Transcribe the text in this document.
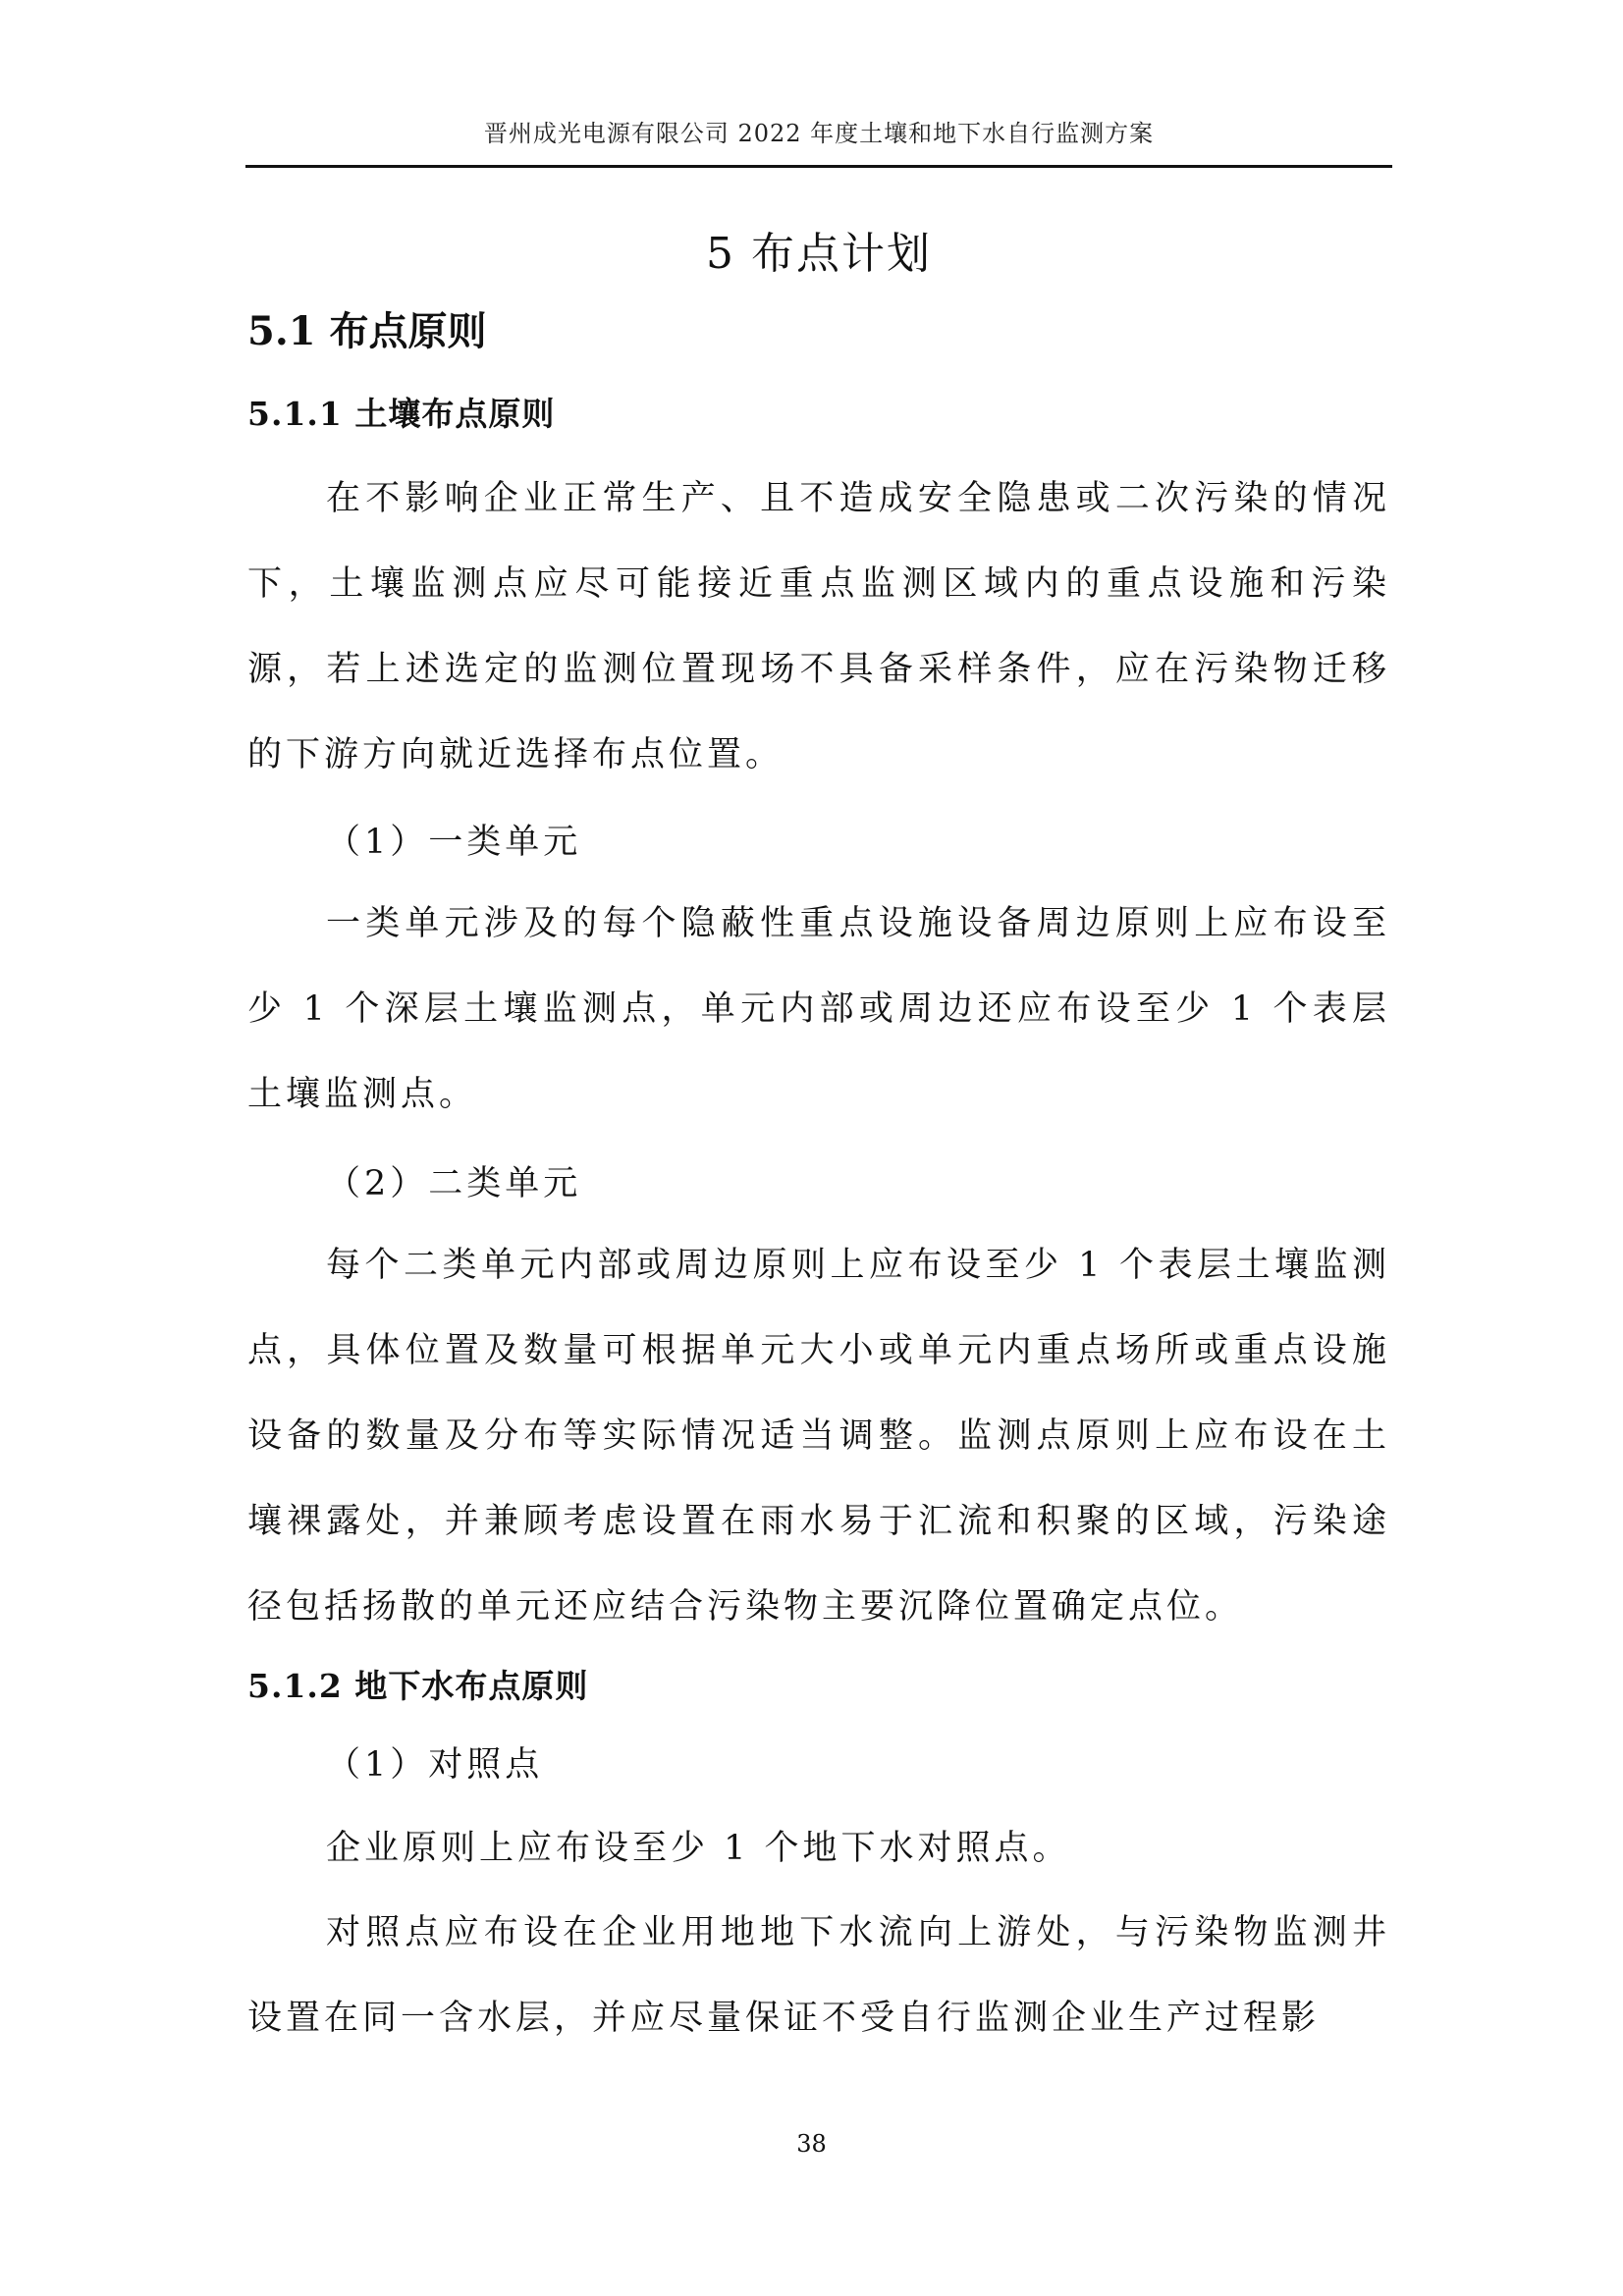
晋州成光电源有限公司 2022 年度土壤和地下水自行监测方案
5 布点计划
5.1 布点原则
5.1.1 土壤布点原则

在不影响企业正常生产、且不造成安全隐患或二次污染的情况下，土壤监测点应尽可能接近重点监测区域内的重点设施和污染源，若上述选定的监测位置现场不具备采样条件，应在污染物迁移的下游方向就近选择布点位置。

（1）一类单元

一类单元涉及的每个隐蔽性重点设施设备周边原则上应布设至少 1 个深层土壤监测点，单元内部或周边还应布设至少 1 个表层土壤监测点。

（2）二类单元

每个二类单元内部或周边原则上应布设至少 1 个表层土壤监测点，具体位置及数量可根据单元大小或单元内重点场所或重点设施设备的数量及分布等实际情况适当调整。监测点原则上应布设在土壤裸露处，并兼顾考虑设置在雨水易于汇流和积聚的区域，污染途径包括扬散的单元还应结合污染物主要沉降位置确定点位。

5.1.2 地下水布点原则
（1）对照点

企业原则上应布设至少 1 个地下水对照点。

对照点应布设在企业用地地下水流向上游处，与污染物监测井设置在同一含水层，并应尽量保证不受自行监测企业生产过程影

38
